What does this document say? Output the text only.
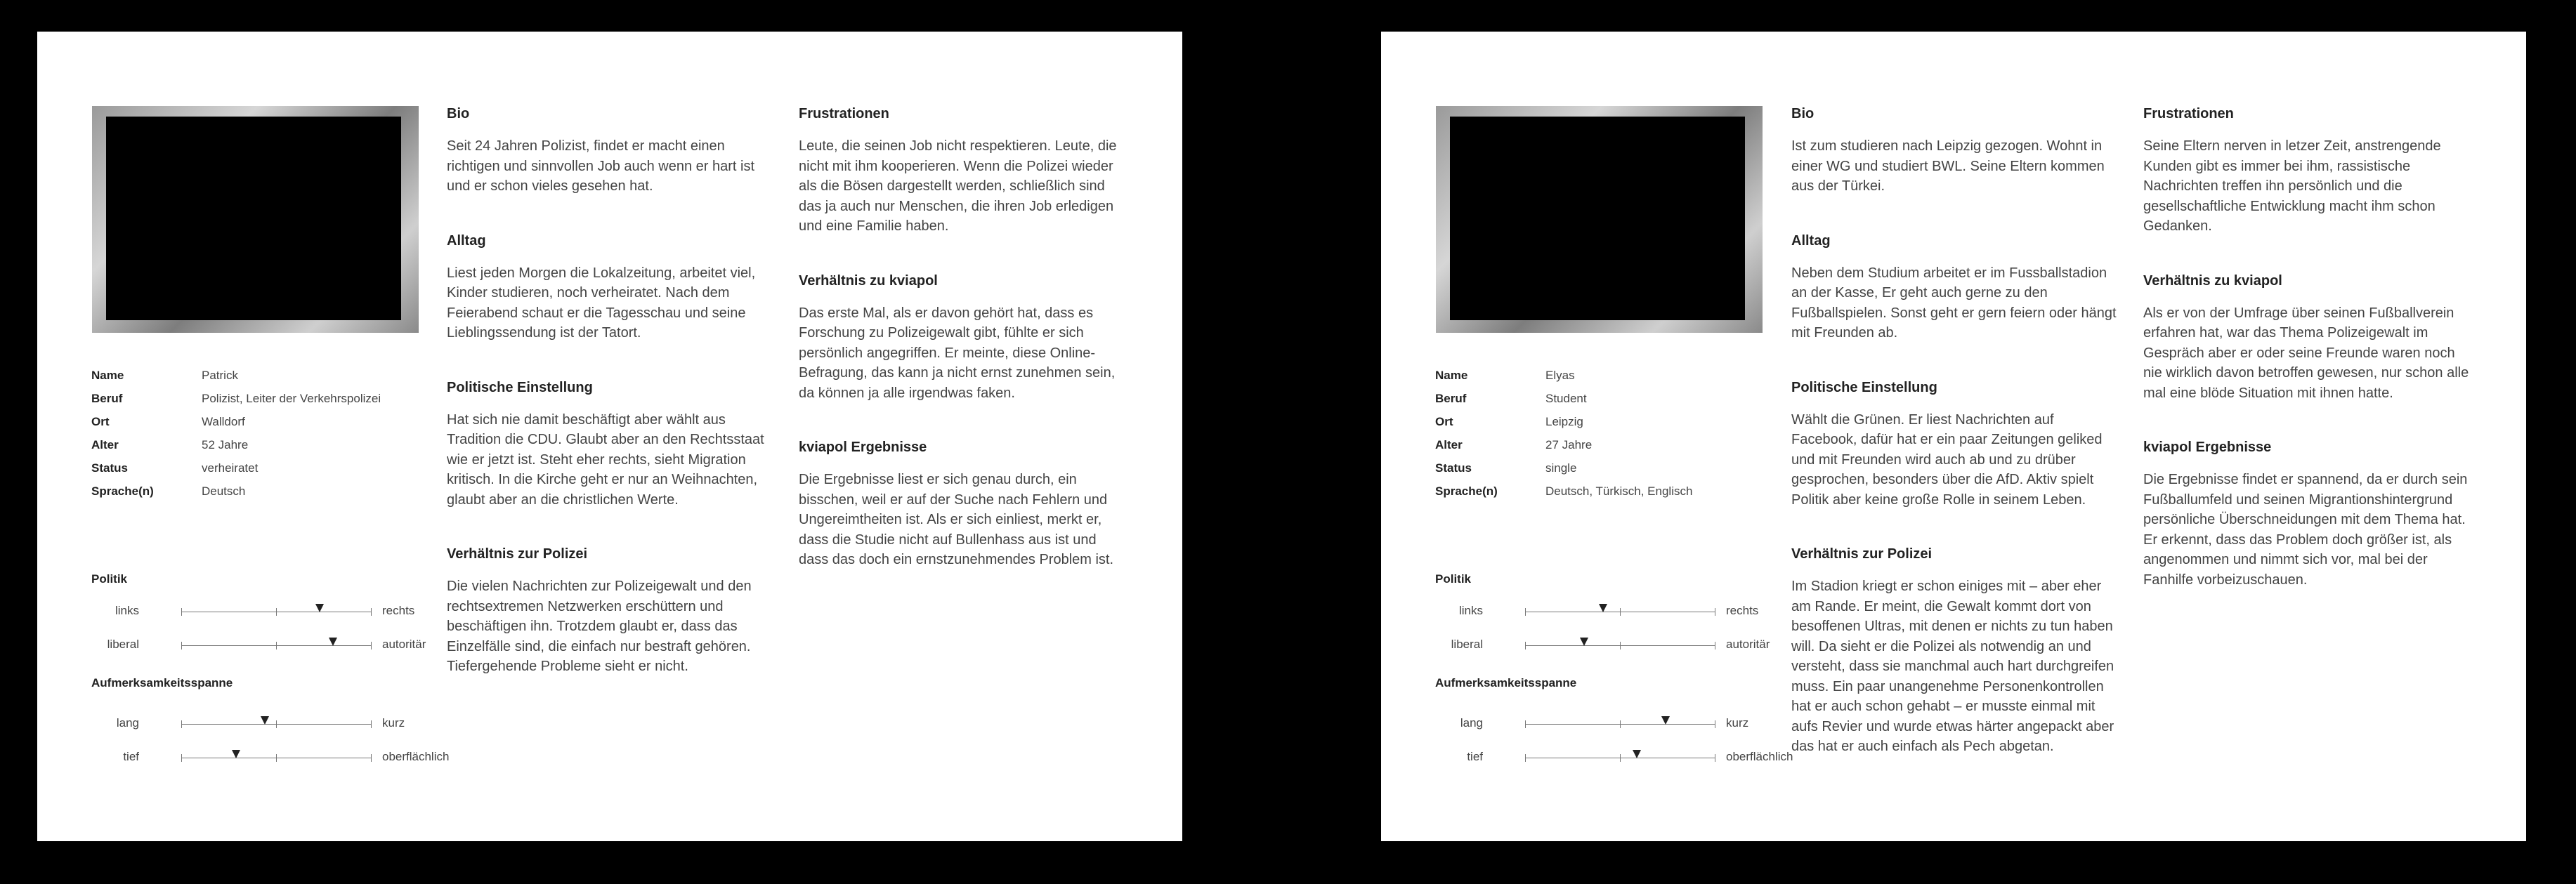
Name	Patrick
Beruf	Polizist, Leiter der Verkehrspolizei
Ort	Walldorf
Alter	52 Jahre
Status	verheiratet
Sprache(n)	Deutsch
Politik
links	rechts
liberal	autoritär
Aufmerksamkeitsspanne
lang	kurz
tief	oberflächlich
Bio

Seit 24 Jahren Polizist, findet er macht einen richtigen und sinnvollen Job auch wenn er hart ist und er schon vieles gesehen hat.

Alltag

Liest jeden Morgen die Lokalzeitung, arbeitet viel, Kinder studieren, noch verheiratet. Nach dem Feierabend schaut er die Tagesschau und seine Lieblingssendung ist der Tatort.

Politische Einstellung

Hat sich nie damit beschäftigt aber wählt aus Tradition die CDU. Glaubt aber an den Rechtsstaat wie er jetzt ist. Steht eher rechts, sieht Migration kritisch. In die Kirche geht er nur an Weihnachten, glaubt aber an die christlichen Werte.

Verhältnis zur Polizei

Die vielen Nachrichten zur Polizeigewalt und den rechtsextremen Netzwerken erschüttern und beschäftigen ihn. Trotzdem glaubt er, dass das Einzelfälle sind, die einfach nur bestraft gehören. Tiefergehende Probleme sieht er nicht.

Frustrationen

Leute, die seinen Job nicht respektieren. Leute, die nicht mit ihm kooperieren. Wenn die Polizei wieder als die Bösen dargestellt werden, schließlich sind das ja auch nur Menschen, die ihren Job erledigen und eine Familie haben.

Verhältnis zu kviapol

Das erste Mal, als er davon gehört hat, dass es Forschung zu Polizeigewalt gibt, fühlte er sich persönlich angegriffen. Er meinte, diese Online-Befragung, das kann ja nicht ernst zunehmen sein, da können ja alle irgendwas faken.

kviapol Ergebnisse

Die Ergebnisse liest er sich genau durch, ein bisschen, weil er auf der Suche nach Fehlern und Ungereimtheiten ist. Als er sich einliest, merkt er, dass die Studie nicht auf Bullenhass aus ist und dass das doch ein ernstzunehmendes Problem ist.

Name	Elyas
Beruf	Student
Ort	Leipzig
Alter	27 Jahre
Status	single
Sprache(n)	Deutsch, Türkisch, Englisch
Politik
links	rechts
liberal	autoritär
Aufmerksamkeitsspanne
lang	kurz
tief	oberflächlich
Bio

Ist zum studieren nach Leipzig gezogen. Wohnt in einer WG und studiert BWL. Seine Eltern kommen aus der Türkei.

Alltag

Neben dem Studium arbeitet er im Fussballstadion an der Kasse, Er geht auch gerne zu den Fußballspielen. Sonst geht er gern feiern oder hängt mit Freunden ab.

Politische Einstellung

Wählt die Grünen. Er liest Nachrichten auf Facebook, dafür hat er ein paar Zeitungen geliked und mit Freunden wird auch ab und zu drüber gesprochen, besonders über die AfD. Aktiv spielt Politik aber keine große Rolle in seinem Leben.

Verhältnis zur Polizei

Im Stadion kriegt er schon einiges mit – aber eher am Rande. Er meint, die Gewalt kommt dort von besoffenen Ultras, mit denen er nichts zu tun haben will. Da sieht er die Polizei als notwendig an und versteht, dass sie manchmal auch hart durchgreifen muss. Ein paar unangenehme Personenkontrollen hat er auch schon gehabt – er musste einmal mit aufs Revier und wurde etwas härter angepackt aber das hat er auch einfach als Pech abgetan.

Frustrationen

Seine Eltern nerven in letzer Zeit, anstrengende Kunden gibt es immer bei ihm, rassistische Nachrichten treffen ihn persönlich und die gesellschaftliche Entwicklung macht ihm schon Gedanken.

Verhältnis zu kviapol

Als er von der Umfrage über seinen Fußballverein erfahren hat, war das Thema Polizeigewalt im Gespräch aber er oder seine Freunde waren noch nie wirklich davon betroffen gewesen, nur schon alle mal eine blöde Situation mit ihnen hatte.

kviapol Ergebnisse

Die Ergebnisse findet er spannend, da er durch sein Fußballumfeld und seinen Migrantionshintergrund persönliche Überschneidungen mit dem Thema hat. Er erkennt, dass das Problem doch größer ist, als angenommen und nimmt sich vor, mal bei der Fanhilfe vorbeizuschauen.
